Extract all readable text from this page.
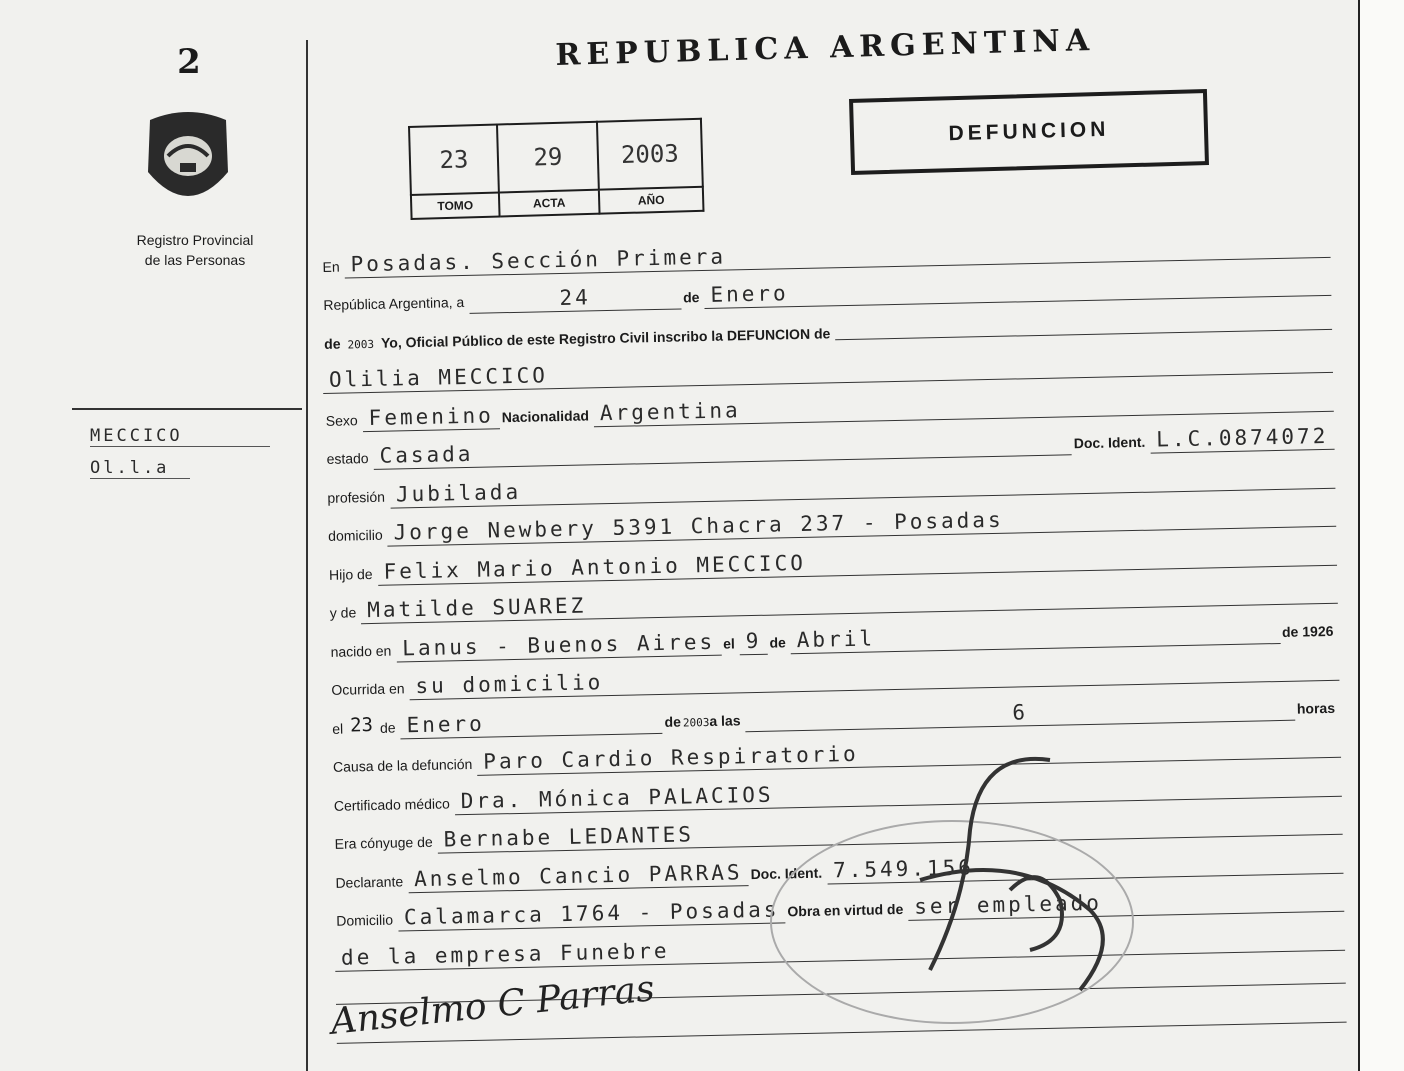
2
Registro Provincial
de las Personas
MECCICO
Ol.l.a
REPUBLICA ARGENTINA
DEFUNCION
23	29	2003
TOMO	ACTA	AÑO
En Posadas. Sección Primera
República Argentina, a	24	de Enero
de 2003 Yo, Oficial Público de este Registro Civil inscribo la DEFUNCION de
Olilia MECCICO
Sexo Femenino Nacionalidad Argentina
estado Casada	Doc. Ident. L.C.0874072
profesión Jubilada
domicilio Jorge Newbery 5391 Chacra 237 - Posadas
Hijo de Felix Mario Antonio MECCICO
y de Matilde SUAREZ
nacido en Lanus - Buenos Aires el 9 de Abril	de 19 26
Ocurrida en su domicilio
el 23 de Enero	de 2003 a las	6	horas
Causa de la defunción Paro Cardio Respiratorio
Certificado médico Dra. Mónica PALACIOS
Era cónyuge de Bernabe LEDANTES
Declarante Anselmo Cancio PARRAS Doc. Ident. 7.549.156
Domicilio Calamarca 1764 - Posadas Obra en virtud de ser empleado
de la empresa Funebre
Anselmo C Parras
